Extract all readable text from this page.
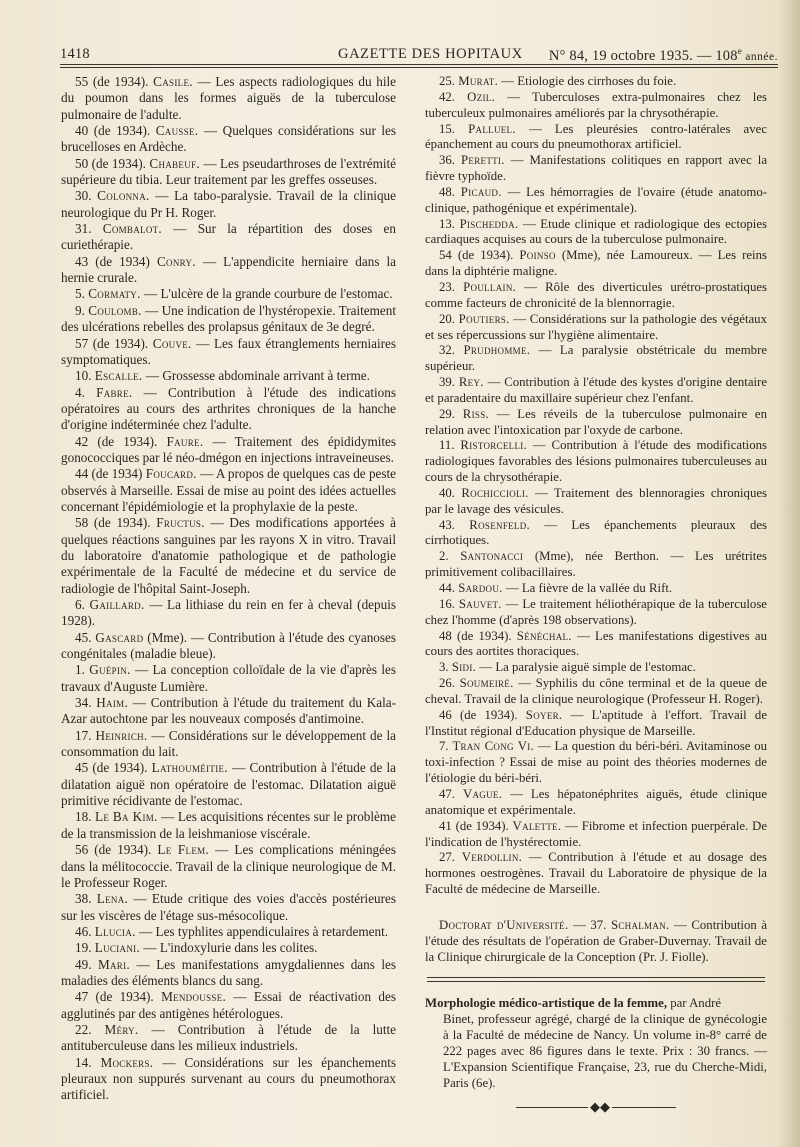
1418	GAZETTE DES HOPITAUX N° 84, 19 octobre 1935. — 108e année.

55 (de 1934). Casile. — Les aspects radiologiques du hile du poumon dans les formes aiguës de la tuberculose pulmonaire de l'adulte.

40 (de 1934). Causse. — Quelques considérations sur les brucelloses en Ardèche.

50 (de 1934). Chabeuf. — Les pseudarthroses de l'extrémité supérieure du tibia. Leur traitement par les greffes osseuses.

30. Colonna. — La tabo-paralysie. Travail de la clinique neurologique du Pr H. Roger.

31. Combalot. — Sur la répartition des doses en curiethérapie.

43 (de 1934) Conry. — L'appendicite herniaire dans la hernie crurale.

5. Cormaty. — L'ulcère de la grande courbure de l'estomac.

9. Coulomb. — Une indication de l'hystéropexie. Traitement des ulcérations rebelles des prolapsus génitaux de 3e degré.

57 (de 1934). Couve. — Les faux étranglements herniaires symptomatiques.

10. Escalle. — Grossesse abdominale arrivant à terme.

4. Fabre. — Contribution à l'étude des indications opératoires au cours des arthrites chroniques de la hanche d'origine indéterminée chez l'adulte.

42 (de 1934). Faure. — Traitement des épididymites gonococciques par lé néo-dmégon en injections intraveineuses.

44 (de 1934) Foucard. — A propos de quelques cas de peste observés à Marseille. Essai de mise au point des idées actuelles concernant l'épidémiologie et la prophylaxie de la peste.

58 (de 1934). Fructus. — Des modifications apportées à quelques réactions sanguines par les rayons X in vitro. Travail du laboratoire d'anatomie pathologique et de pathologie expérimentale de la Faculté de médecine et du service de radiologie de l'hôpital Saint-Joseph.

6. Gaillard. — La lithiase du rein en fer à cheval (depuis 1928).

45. Gascard (Mme). — Contribution à l'étude des cyanoses congénitales (maladie bleue).

1. Guépin. — La conception colloïdale de la vie d'après les travaux d'Auguste Lumière.

34. Haim. — Contribution à l'étude du traitement du Kala-Azar autochtone par les nouveaux composés d'antimoine.

17. Heinrich. — Considérations sur le développement de la consommation du lait.

45 (de 1934). Lathouméitie. — Contribution à l'étude de la dilatation aiguë non opératoire de l'estomac. Dilatation aiguë primitive récidivante de l'estomac.

18. Le Ba Kim. — Les acquisitions récentes sur le problème de la transmission de la leishmaniose viscérale.

56 (de 1934). Le Flem. — Les complications méningées dans la mélitococcie. Travail de la clinique neurologique de M. le Professeur Roger.

38. Lena. — Etude critique des voies d'accès postérieures sur les viscères de l'étage sus-mésocolique.

46. Llucia. — Les typhlites appendiculaires à retardement.

19. Luciani. — L'indoxylurie dans les colites.

49. Mari. — Les manifestations amygdaliennes dans les maladies des éléments blancs du sang.

47 (de 1934). Mendousse. — Essai de réactivation des agglutinés par des antigènes hétérologues.

22. Méry. — Contribution à l'étude de la lutte antituberculeuse dans les milieux industriels.

14. Mockers. — Considérations sur les épanchements pleuraux non suppurés survenant au cours du pneumothorax artificiel.

25. Murat. — Etiologie des cirrhoses du foie.

42. Ozil. — Tuberculoses extra-pulmonaires chez les tuberculeux pulmonaires améliorés par la chrysothérapie.

15. Palluel. — Les pleurésies contro-latérales avec épanchement au cours du pneumothorax artificiel.

36. Peretti. — Manifestations colitiques en rapport avec la fièvre typhoïde.

48. Picaud. — Les hémorragies de l'ovaire (étude anatomo-clinique, pathogénique et expérimentale).

13. Pischedda. — Etude clinique et radiologique des ectopies cardiaques acquises au cours de la tuberculose pulmonaire.

54 (de 1934). Poinso (Mme), née Lamoureux. — Les reins dans la diphtérie maligne.

23. Poullain. — Rôle des diverticules urétro-prostatiques comme facteurs de chronicité de la blennorragie.

20. Poutiers. — Considérations sur la pathologie des végétaux et ses répercussions sur l'hygiène alimentaire.

32. Prudhomme. — La paralysie obstétricale du membre supérieur.

39. Rey. — Contribution à l'étude des kystes d'origine dentaire et paradentaire du maxillaire supérieur chez l'enfant.

29. Riss. — Les réveils de la tuberculose pulmonaire en relation avec l'intoxication par l'oxyde de carbone.

11. Ristorcelli. — Contribution à l'étude des modifications radiologiques favorables des lésions pulmonaires tuberculeuses au cours de la chrysothérapie.

40. Rochiccioli. — Traitement des blennoragies chroniques par le lavage des vésicules.

43. Rosenfeld. — Les épanchements pleuraux des cirrhotiques.

2. Santonacci (Mme), née Berthon. — Les urétrites primitivement colibacillaires.

44. Sardou. — La fièvre de la vallée du Rift.

16. Sauvet. — Le traitement héliothérapique de la tuberculose chez l'homme (d'après 198 observations).

48 (de 1934). Sénéchal. — Les manifestations digestives au cours des aortites thoraciques.

3. Sidi. — La paralysie aiguë simple de l'estomac.

26. Soumeiré. — Syphilis du cône terminal et de la queue de cheval. Travail de la clinique neurologique (Professeur H. Roger).

46 (de 1934). Soyer. — L'aptitude à l'effort. Travail de l'Institut régional d'Education physique de Marseille.

7. Tran Cong Vi. — La question du béri-béri. Avitaminose ou toxi-infection ? Essai de mise au point des théories modernes de l'étiologie du béri-béri.

47. Vague. — Les hépatonéphrites aiguës, étude clinique anatomique et expérimentale.

41 (de 1934). Valette. — Fibrome et infection puerpérale. De l'indication de l'hystérectomie.

27. Verdollin. — Contribution à l'étude et au dosage des hormones oestrogènes. Travail du Laboratoire de physique de la Faculté de médecine de Marseille.

Doctorat d'Université. — 37. Schalman. — Contribution à l'étude des résultats de l'opération de Graber-Duvernay. Travail de la Clinique chirurgicale de la Conception (Pr. J. Fiolle).

Morphologie médico-artistique de la femme, par André
Binet, professeur agrégé, chargé de la clinique de gynécologie à la Faculté de médecine de Nancy. Un volume in-8° carré de 222 pages avec 86 figures dans le texte. Prix : 30 francs. — L'Expansion Scientifique Française, 23, rue du Cherche-Midi, Paris (6e).

◆◆
